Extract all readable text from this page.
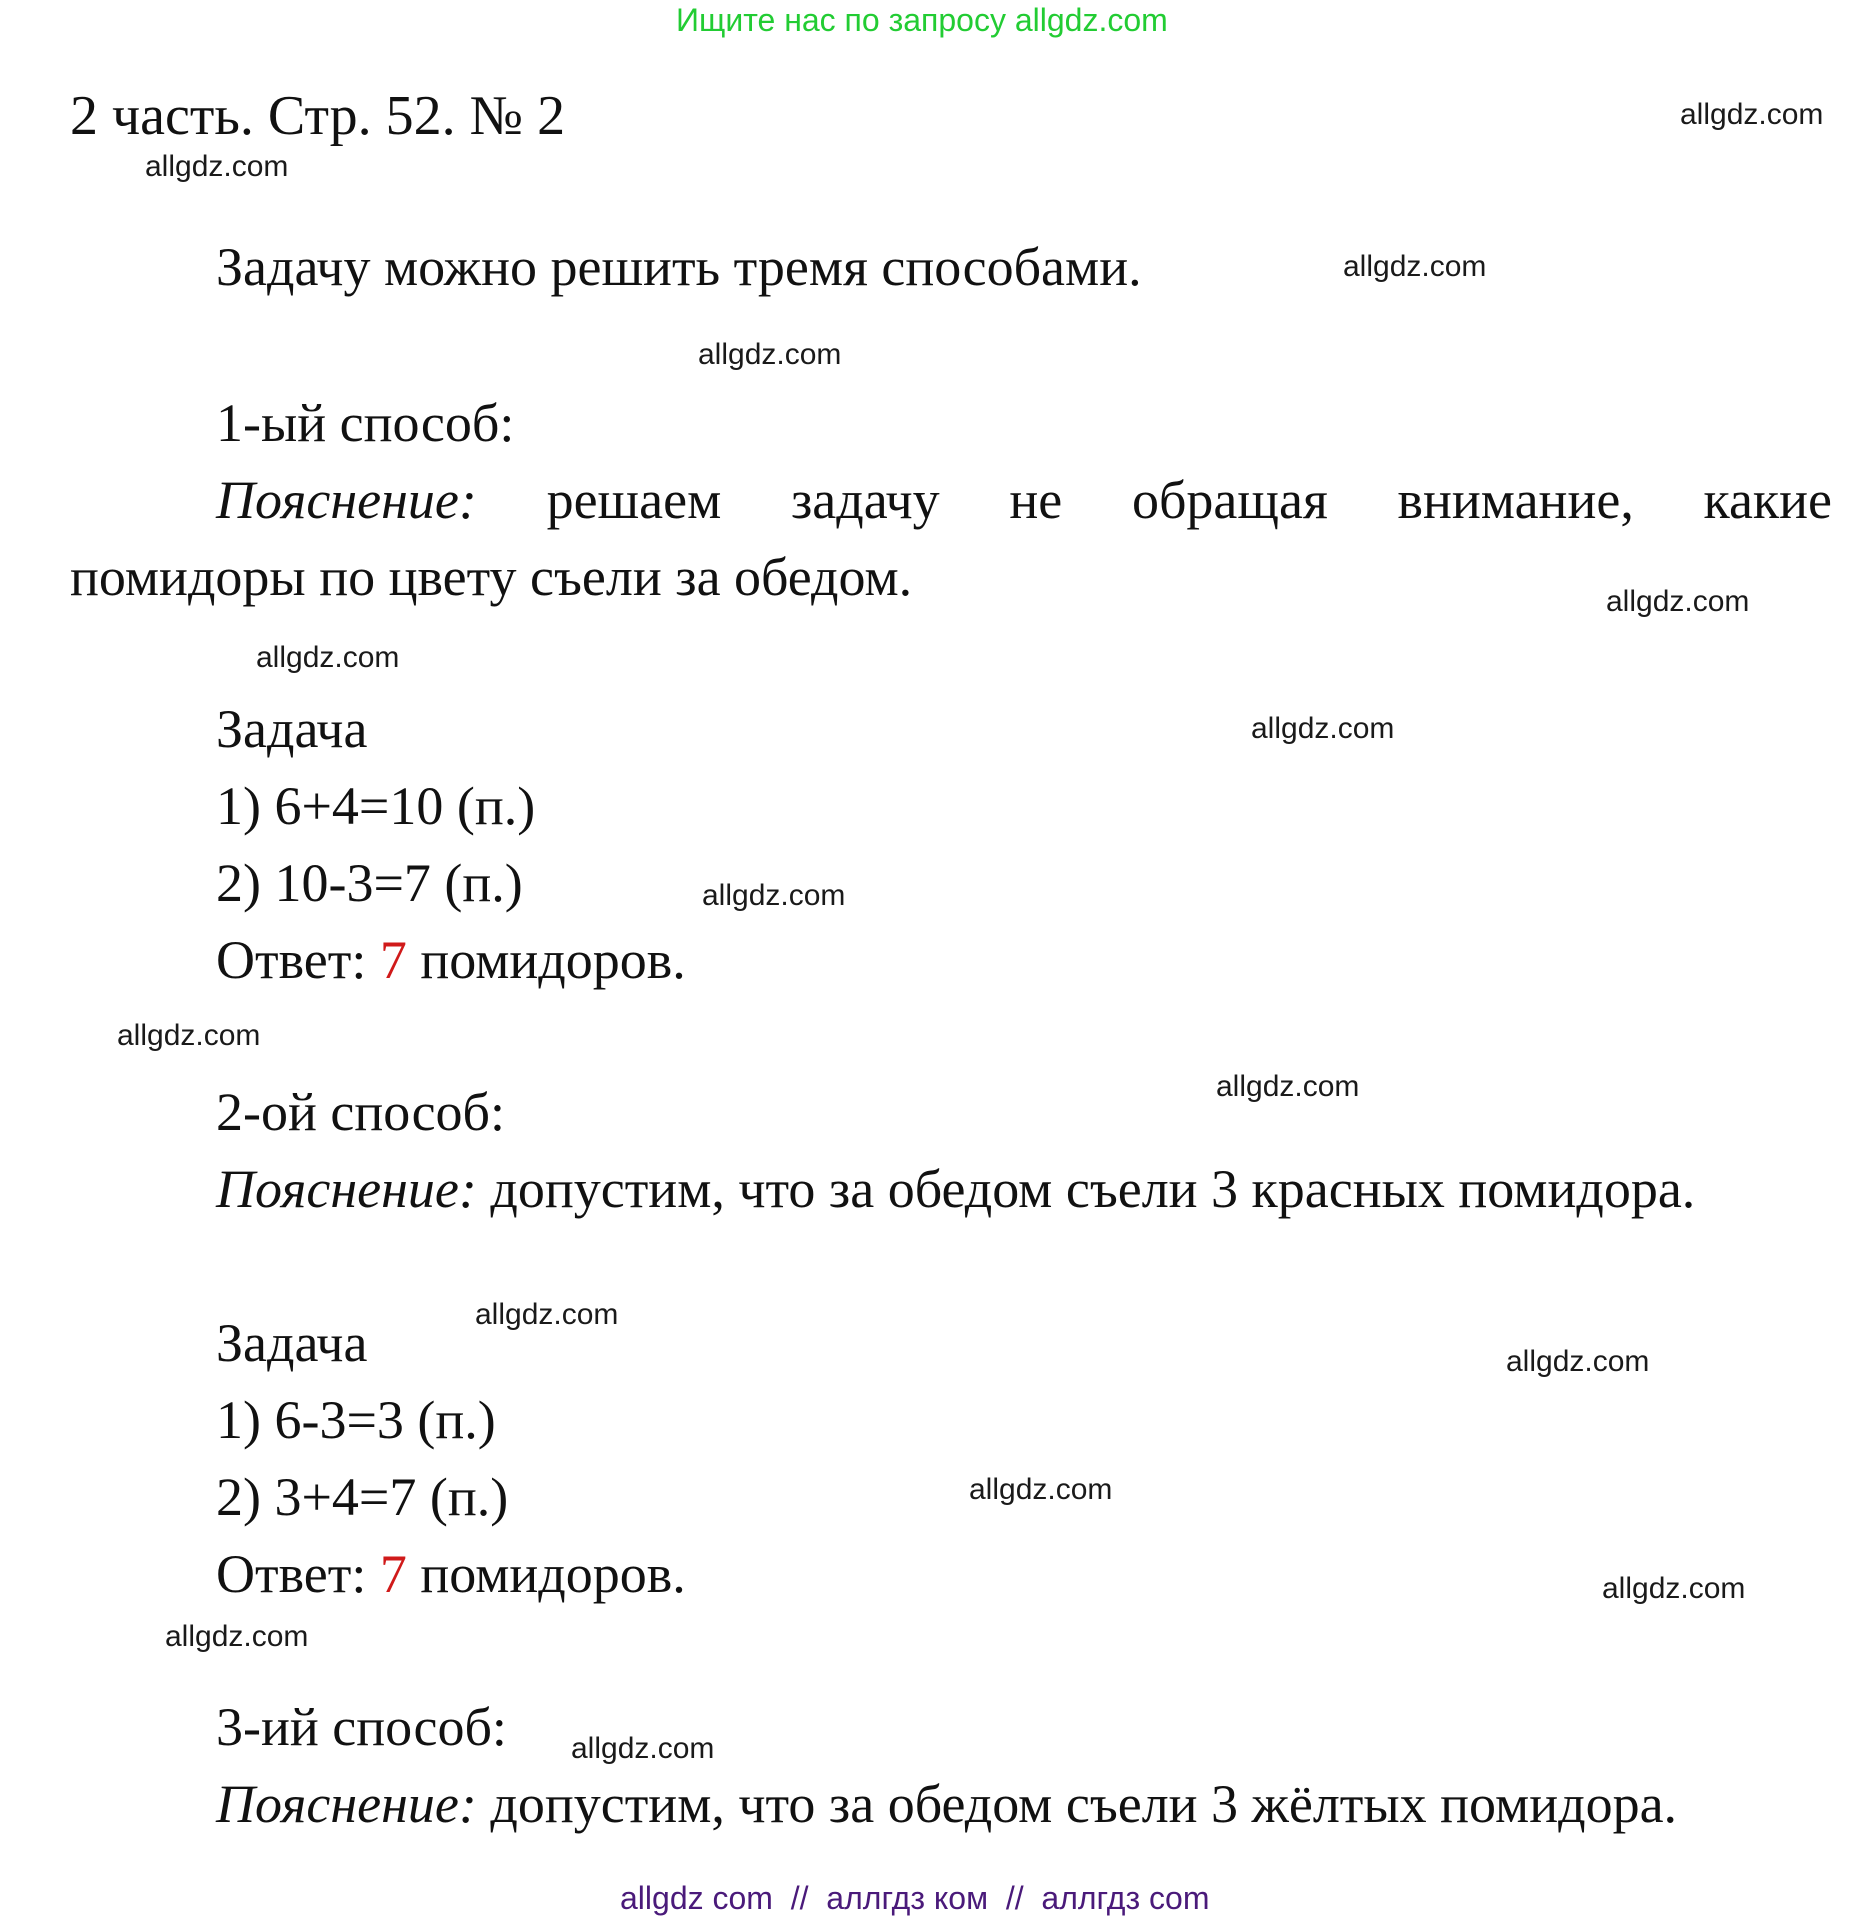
Ищите нас по запросу allgdz.com
2 часть. Стр. 52. № 2
Задачу можно решить тремя способами.
1-ый способ:
Пояснение: решаем задачу не обращая внимание, какие
помидоры по цвету съели за обедом.
Задача
1) 6+4=10 (п.)
2) 10-3=7 (п.)
Ответ: 7 помидоров.
2-ой способ:
Пояснение: допустим, что за обедом съели 3 красных помидора.
Задача
1) 6-3=3 (п.)
2) 3+4=7 (п.)
Ответ: 7 помидоров.
3-ий способ:
Пояснение: допустим, что за обедом съели 3 жёлтых помидора.
allgdz.com
allgdz.com
allgdz.com
allgdz.com
allgdz.com
allgdz.com
allgdz.com
allgdz.com
allgdz.com
allgdz.com
allgdz.com
allgdz.com
allgdz.com
allgdz.com
allgdz.com
allgdz.com
allgdz com  //  аллгдз ком  //  аллгдз com
